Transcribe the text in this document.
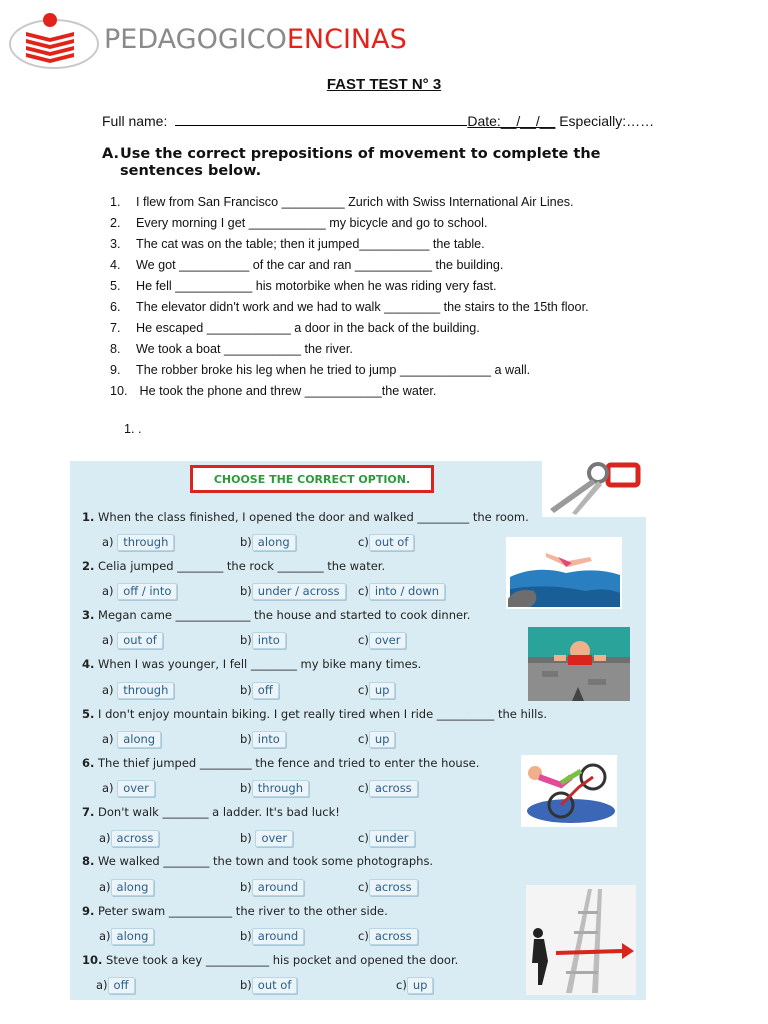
PEDAGOGICOENCINAS
FAST TEST N° 3
Full name:	Date:__/__/__ Especially:……
A. Use the correct prepositions of movement to complete the sentences below.
1. I flew from San Francisco _________ Zurich with Swiss International Air Lines.
2. Every morning I get ___________ my bicycle and go to school.
3. The cat was on the table; then it jumped__________ the table.
4. We got __________ of the car and ran ___________ the building.
5. He fell ___________ his motorbike when he was riding very fast.
6. The elevator didn't work and we had to walk ________ the stairs to the 15th floor.
7. He escaped ____________ a door in the back of the building.
8. We took a boat ___________ the river.
9. The robber broke his leg when he tried to jump _____________ a wall.
10. He took the phone and threw ___________the water.
1. .
CHOOSE THE CORRECT OPTION.
1. When the class finished, I opened the door and walked _________ the room.
a) through	b) along	c) out of
2. Celia jumped ________ the rock ________ the water.
a) off / into	b) under / across	c) into / down
3. Megan came _____________ the house and started to cook dinner.
a) out of	b) into	c) over
4. When I was younger, I fell ________ my bike many times.
a) through	b) off	c) up
5. I don't enjoy mountain biking. I get really tired when I ride __________ the hills.
a) along	b) into	c) up
6. The thief jumped _________ the fence and tried to enter the house.
a) over	b) through	c) across
7. Don't walk ________ a ladder. It's bad luck!
a) across	b) over	c) under
8. We walked ________ the town and took some photographs.
a) along	b) around	c) across
9. Peter swam ___________ the river to the other side.
a) along	b) around	c) across
10. Steve took a key ___________ his pocket and opened the door.
a) off	b) out of	c) up
